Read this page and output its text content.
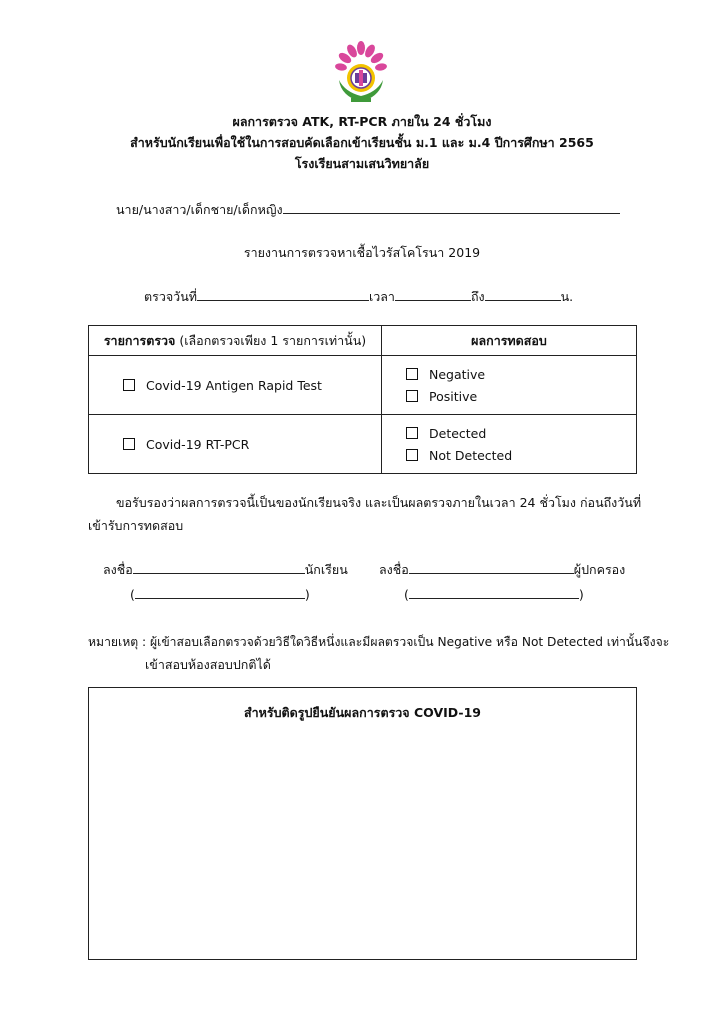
ผลการตรวจ ATK, RT-PCR ภายใน 24 ชั่วโมง
สำหรับนักเรียนเพื่อใช้ในการสอบคัดเลือกเข้าเรียนชั้น ม.1 และ ม.4 ปีการศึกษา 2565
โรงเรียนสามเสนวิทยาลัย
นาย/นางสาว/เด็กชาย/เด็กหญิง
รายงานการตรวจหาเชื้อไวรัสโคโรนา 2019
ตรวจวันที่	เวลา	ถึง	น.
รายการตรวจ (เลือกตรวจเพียง 1 รายการเท่านั้น)	ผลการทดสอบ

Covid-19 Antigen Rapid Test	Negative
Positive

Covid-19 RT-PCR	Detected
Not Detected
ขอรับรองว่าผลการตรวจนี้เป็นของนักเรียนจริง และเป็นผลตรวจภายในเวลา 24 ชั่วโมง ก่อนถึงวันที่
เข้ารับการทดสอบ
ลงชื่อ	นักเรียน	ลงชื่อ	ผู้ปกครอง
(	)	(	)
หมายเหตุ : ผู้เข้าสอบเลือกตรวจด้วยวิธีใดวิธีหนึ่งและมีผลตรวจเป็น Negative หรือ Not Detected เท่านั้นจึงจะ
เข้าสอบห้องสอบปกติได้
สำหรับติดรูปยืนยันผลการตรวจ COVID-19
